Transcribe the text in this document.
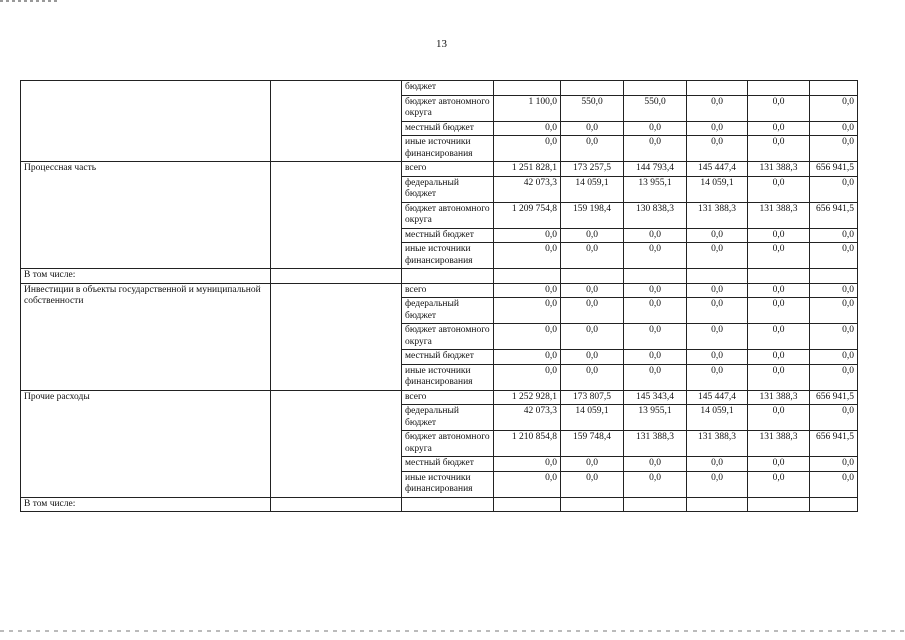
13
		бюджет						
		бюджет автономного округа	1 100,0	550,0	550,0	0,0	0,0	0,0
		местный бюджет	0,0	0,0	0,0	0,0	0,0	0,0
		иные источники финансирования	0,0	0,0	0,0	0,0	0,0	0,0
Процессная часть		всего	1 251 828,1	173 257,5	144 793,4	145 447,4	131 388,3	656 941,5
		федеральный бюджет	42 073,3	14 059,1	13 955,1	14 059,1	0,0	0,0
		бюджет автономного округа	1 209 754,8	159 198,4	130 838,3	131 388,3	131 388,3	656 941,5
		местный бюджет	0,0	0,0	0,0	0,0	0,0	0,0
		иные источники финансирования	0,0	0,0	0,0	0,0	0,0	0,0
В том числе:								
Инвестиции в объекты государственной и муниципальной собственности		всего	0,0	0,0	0,0	0,0	0,0	0,0
		федеральный бюджет	0,0	0,0	0,0	0,0	0,0	0,0
		бюджет автономного округа	0,0	0,0	0,0	0,0	0,0	0,0
		местный бюджет	0,0	0,0	0,0	0,0	0,0	0,0
		иные источники финансирования	0,0	0,0	0,0	0,0	0,0	0,0
Прочие расходы		всего	1 252 928,1	173 807,5	145 343,4	145 447,4	131 388,3	656 941,5
		федеральный бюджет	42 073,3	14 059,1	13 955,1	14 059,1	0,0	0,0
		бюджет автономного округа	1 210 854,8	159 748,4	131 388,3	131 388,3	131 388,3	656 941,5
		местный бюджет	0,0	0,0	0,0	0,0	0,0	0,0
		иные источники финансирования	0,0	0,0	0,0	0,0	0,0	0,0
В том числе:								
